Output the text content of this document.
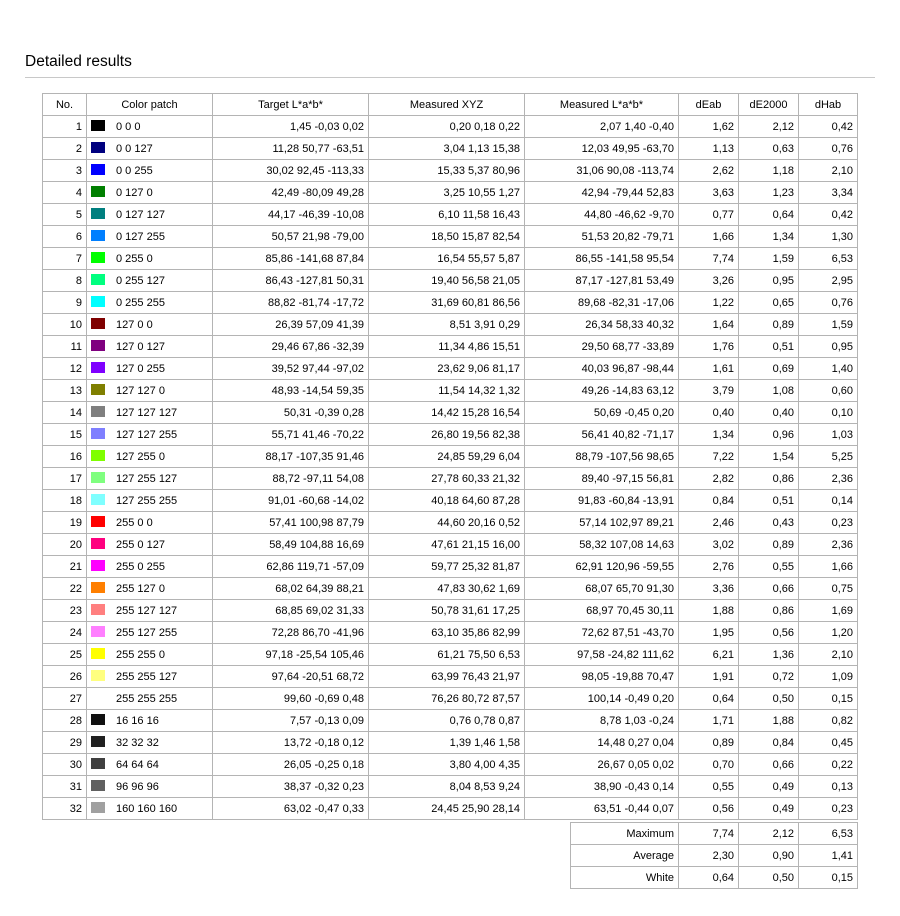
Detailed results
No.	Color patch	Target L*a*b*	Measured XYZ	Measured L*a*b*	dEab	dE2000	dHab
1	0 0 0	1,45 -0,03 0,02	0,20 0,18 0,22	2,07 1,40 -0,40	1,62	2,12	0,42
2	0 0 127	11,28 50,77 -63,51	3,04 1,13 15,38	12,03 49,95 -63,70	1,13	0,63	0,76
3	0 0 255	30,02 92,45 -113,33	15,33 5,37 80,96	31,06 90,08 -113,74	2,62	1,18	2,10
4	0 127 0	42,49 -80,09 49,28	3,25 10,55 1,27	42,94 -79,44 52,83	3,63	1,23	3,34
5	0 127 127	44,17 -46,39 -10,08	6,10 11,58 16,43	44,80 -46,62 -9,70	0,77	0,64	0,42
6	0 127 255	50,57 21,98 -79,00	18,50 15,87 82,54	51,53 20,82 -79,71	1,66	1,34	1,30
7	0 255 0	85,86 -141,68 87,84	16,54 55,57 5,87	86,55 -141,58 95,54	7,74	1,59	6,53
8	0 255 127	86,43 -127,81 50,31	19,40 56,58 21,05	87,17 -127,81 53,49	3,26	0,95	2,95
9	0 255 255	88,82 -81,74 -17,72	31,69 60,81 86,56	89,68 -82,31 -17,06	1,22	0,65	0,76
10	127 0 0	26,39 57,09 41,39	8,51 3,91 0,29	26,34 58,33 40,32	1,64	0,89	1,59
11	127 0 127	29,46 67,86 -32,39	11,34 4,86 15,51	29,50 68,77 -33,89	1,76	0,51	0,95
12	127 0 255	39,52 97,44 -97,02	23,62 9,06 81,17	40,03 96,87 -98,44	1,61	0,69	1,40
13	127 127 0	48,93 -14,54 59,35	11,54 14,32 1,32	49,26 -14,83 63,12	3,79	1,08	0,60
14	127 127 127	50,31 -0,39 0,28	14,42 15,28 16,54	50,69 -0,45 0,20	0,40	0,40	0,10
15	127 127 255	55,71 41,46 -70,22	26,80 19,56 82,38	56,41 40,82 -71,17	1,34	0,96	1,03
16	127 255 0	88,17 -107,35 91,46	24,85 59,29 6,04	88,79 -107,56 98,65	7,22	1,54	5,25
17	127 255 127	88,72 -97,11 54,08	27,78 60,33 21,32	89,40 -97,15 56,81	2,82	0,86	2,36
18	127 255 255	91,01 -60,68 -14,02	40,18 64,60 87,28	91,83 -60,84 -13,91	0,84	0,51	0,14
19	255 0 0	57,41 100,98 87,79	44,60 20,16 0,52	57,14 102,97 89,21	2,46	0,43	0,23
20	255 0 127	58,49 104,88 16,69	47,61 21,15 16,00	58,32 107,08 14,63	3,02	0,89	2,36
21	255 0 255	62,86 119,71 -57,09	59,77 25,32 81,87	62,91 120,96 -59,55	2,76	0,55	1,66
22	255 127 0	68,02 64,39 88,21	47,83 30,62 1,69	68,07 65,70 91,30	3,36	0,66	0,75
23	255 127 127	68,85 69,02 31,33	50,78 31,61 17,25	68,97 70,45 30,11	1,88	0,86	1,69
24	255 127 255	72,28 86,70 -41,96	63,10 35,86 82,99	72,62 87,51 -43,70	1,95	0,56	1,20
25	255 255 0	97,18 -25,54 105,46	61,21 75,50 6,53	97,58 -24,82 111,62	6,21	1,36	2,10
26	255 255 127	97,64 -20,51 68,72	63,99 76,43 21,97	98,05 -19,88 70,47	1,91	0,72	1,09
27	255 255 255	99,60 -0,69 0,48	76,26 80,72 87,57	100,14 -0,49 0,20	0,64	0,50	0,15
28	16 16 16	7,57 -0,13 0,09	0,76 0,78 0,87	8,78 1,03 -0,24	1,71	1,88	0,82
29	32 32 32	13,72 -0,18 0,12	1,39 1,46 1,58	14,48 0,27 0,04	0,89	0,84	0,45
30	64 64 64	26,05 -0,25 0,18	3,80 4,00 4,35	26,67 0,05 0,02	0,70	0,66	0,22
31	96 96 96	38,37 -0,32 0,23	8,04 8,53 9,24	38,90 -0,43 0,14	0,55	0,49	0,13
32	160 160 160	63,02 -0,47 0,33	24,45 25,90 28,14	63,51 -0,44 0,07	0,56	0,49	0,23
Maximum	7,74	2,12	6,53
Average	2,30	0,90	1,41
White	0,64	0,50	0,15
